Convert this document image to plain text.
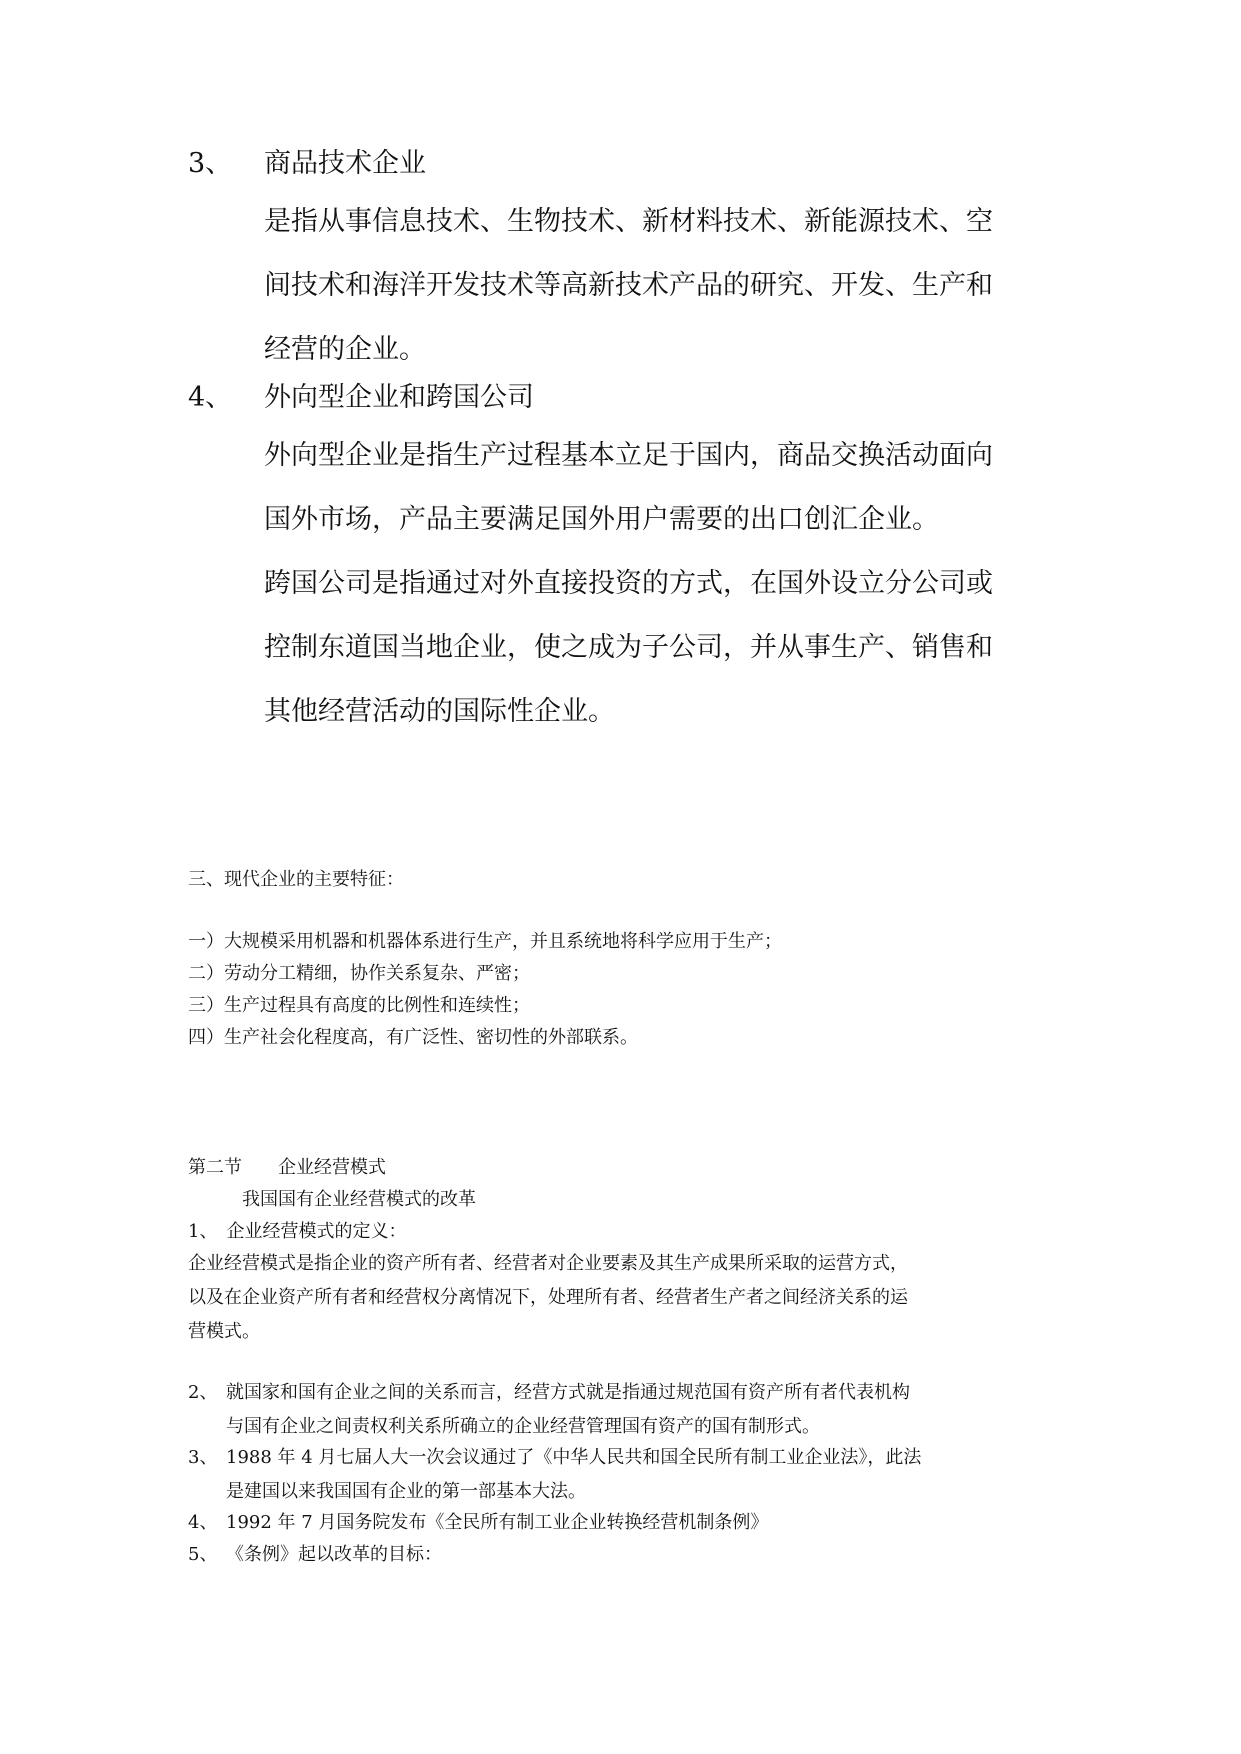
3、 商品技术企业
是指从事信息技术、生物技术、新材料技术、新能源技术、空
间技术和海洋开发技术等高新技术产品的研究、开发、生产和
经营的企业。
4、 外向型企业和跨国公司
外向型企业是指生产过程基本立足于国内，商品交换活动面向
国外市场，产品主要满足国外用户需要的出口创汇企业。
跨国公司是指通过对外直接投资的方式，在国外设立分公司或
控制东道国当地企业，使之成为子公司，并从事生产、销售和
其他经营活动的国际性企业。
三、现代企业的主要特征：
一）大规模采用机器和机器体系进行生产，并且系统地将科学应用于生产；
二）劳动分工精细，协作关系复杂、严密；
三）生产过程具有高度的比例性和连续性；
四）生产社会化程度高，有广泛性、密切性的外部联系。
第二节 企业经营模式
我国国有企业经营模式的改革
1、  企业经营模式的定义：
企业经营模式是指企业的资产所有者、经营者对企业要素及其生产成果所采取的运营方式，
以及在企业资产所有者和经营权分离情况下，处理所有者、经营者生产者之间经济关系的运
营模式。
2、 就国家和国有企业之间的关系而言，经营方式就是指通过规范国有资产所有者代表机构
与国有企业之间责权利关系所确立的企业经营管理国有资产的国有制形式。
3、 1988 年 4 月七届人大一次会议通过了《中华人民共和国全民所有制工业企业法》，此法
是建国以来我国国有企业的第一部基本大法。
4、 1992 年 7 月国务院发布《全民所有制工业企业转换经营机制条例》
5、 《条例》起以改革的目标：
